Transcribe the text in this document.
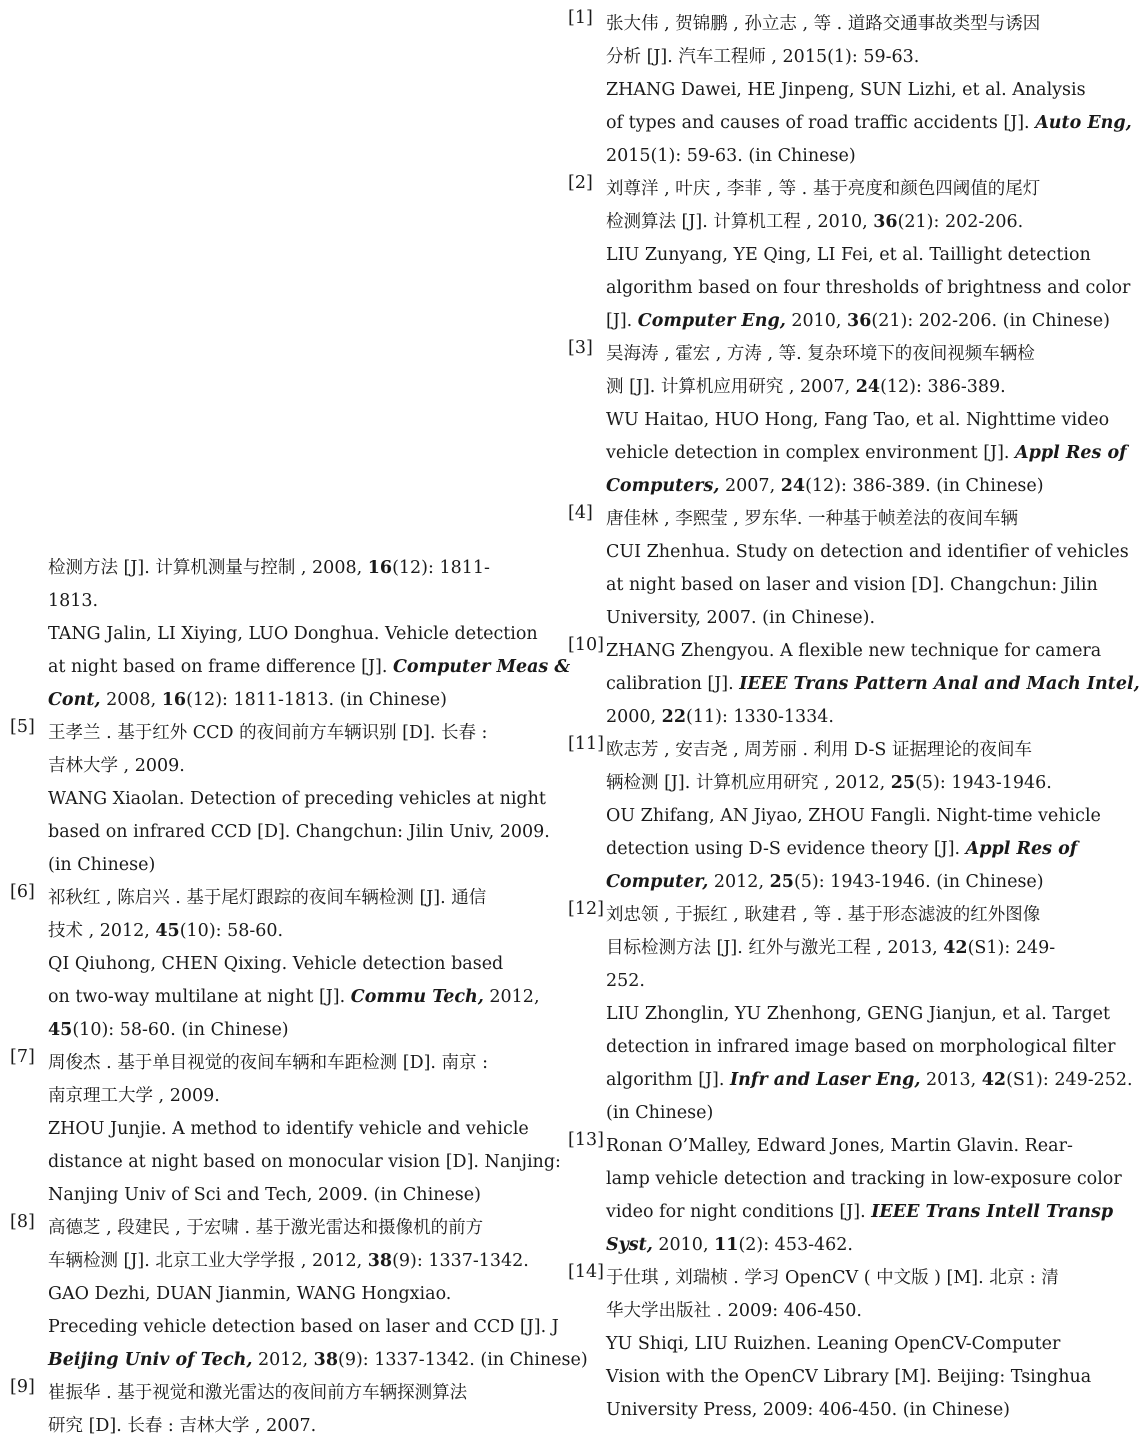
检测方法 [J]. 计算机测量与控制 , 2008, 16(12): 1811-
1813.
TANG Jalin, LI Xiying, LUO Donghua. Vehicle detection
at night based on frame difference [J]. Computer Meas &
Cont, 2008, 16(12): 1811-1813. (in Chinese)
[5] 王孝兰 . 基于红外 CCD 的夜间前方车辆识别 [D]. 长春 :
吉林大学 , 2009.
WANG Xiaolan. Detection of preceding vehicles at night
based on infrared CCD [D]. Changchun: Jilin Univ, 2009.
(in Chinese)
[6] 祁秋红 , 陈启兴 . 基于尾灯跟踪的夜间车辆检测 [J]. 通信
技术 , 2012, 45(10): 58-60.
QI Qiuhong, CHEN Qixing. Vehicle detection based
on two-way multilane at night [J]. Commu Tech, 2012,
45(10): 58-60. (in Chinese)
[7] 周俊杰 . 基于单目视觉的夜间车辆和车距检测 [D]. 南京 :
南京理工大学 , 2009.
ZHOU Junjie. A method to identify vehicle and vehicle
distance at night based on monocular vision [D]. Nanjing:
Nanjing Univ of Sci and Tech, 2009. (in Chinese)
[8] 高德芝 , 段建民 , 于宏啸 . 基于激光雷达和摄像机的前方
车辆检测 [J]. 北京工业大学学报 , 2012, 38(9): 1337-1342.
GAO Dezhi, DUAN Jianmin, WANG Hongxiao.
Preceding vehicle detection based on laser and CCD [J]. J
Beijing Univ of Tech, 2012, 38(9): 1337-1342. (in Chinese)
[9] 崔振华 . 基于视觉和激光雷达的夜间前方车辆探测算法
研究 [D]. 长春 : 吉林大学 , 2007.
[1] 张大伟 , 贺锦鹏 , 孙立志 , 等 . 道路交通事故类型与诱因
分析 [J]. 汽车工程师 , 2015(1): 59-63.
ZHANG Dawei, HE Jinpeng, SUN Lizhi, et al. Analysis
of types and causes of road traffic accidents [J]. Auto Eng,
2015(1): 59-63. (in Chinese)
[2] 刘尊洋 , 叶庆 , 李菲 , 等 . 基于亮度和颜色四阈值的尾灯
检测算法 [J]. 计算机工程 , 2010, 36(21): 202-206.
LIU Zunyang, YE Qing, LI Fei, et al. Taillight detection
algorithm based on four thresholds of brightness and color
[J]. Computer Eng, 2010, 36(21): 202-206. (in Chinese)
[3] 吴海涛 , 霍宏 , 方涛 , 等. 复杂环境下的夜间视频车辆检
测 [J]. 计算机应用研究 , 2007, 24(12): 386-389.
WU Haitao, HUO Hong, Fang Tao, et al. Nighttime video
vehicle detection in complex environment [J]. Appl Res of
Computers, 2007, 24(12): 386-389. (in Chinese)
[4] 唐佳林 , 李熙莹 , 罗东华. 一种基于帧差法的夜间车辆
CUI Zhenhua. Study on detection and identifier of vehicles
at night based on laser and vision [D]. Changchun: Jilin
University, 2007. (in Chinese).
[10] ZHANG Zhengyou. A flexible new technique for camera
calibration [J]. IEEE Trans Pattern Anal and Mach Intel,
2000, 22(11): 1330-1334.
[11] 欧志芳 , 安吉尧 , 周芳丽 . 利用 D-S 证据理论的夜间车
辆检测 [J]. 计算机应用研究 , 2012, 25(5): 1943-1946.
OU Zhifang, AN Jiyao, ZHOU Fangli. Night-time vehicle
detection using D-S evidence theory [J]. Appl Res of
Computer, 2012, 25(5): 1943-1946. (in Chinese)
[12] 刘忠领 , 于振红 , 耿建君 , 等 . 基于形态滤波的红外图像
目标检测方法 [J]. 红外与激光工程 , 2013, 42(S1): 249-
252.
LIU Zhonglin, YU Zhenhong, GENG Jianjun, et al. Target
detection in infrared image based on morphological filter
algorithm [J]. Infr and Laser Eng, 2013, 42(S1): 249-252.
(in Chinese)
[13] Ronan O’Malley, Edward Jones, Martin Glavin. Rear-
lamp vehicle detection and tracking in low-exposure color
video for night conditions [J]. IEEE Trans Intell Transp
Syst, 2010, 11(2): 453-462.
[14] 于仕琪 , 刘瑞桢 . 学习 OpenCV ( 中文版 ) [M]. 北京 : 清
华大学出版社 . 2009: 406-450.
YU Shiqi, LIU Ruizhen. Leaning OpenCV-Computer
Vision with the OpenCV Library [M]. Beijing: Tsinghua
University Press, 2009: 406-450. (in Chinese)
